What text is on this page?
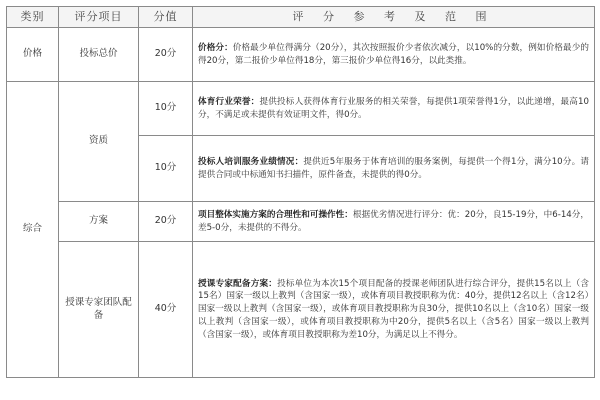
类别	评分项目	分值	评 分 参 考 及 范 围
价格	投标总价	20分	价格分：价格最少单位得满分（20分），其次按照报价少者依次减分，以10%的分数，例如价格最少的得20分，第二报价少单位得18分，第三报价少单位得16分，以此类推。
综合	资质	10分	体育行业荣誉：提供投标人获得体育行业服务的相关荣誉，每提供1项荣誉得1分，以此递增，最高10分，不满足或未提供有效证明文件，得0分。
		10分	投标人培训服务业绩情况：提供近5年服务于体育培训的服务案例，每提供一个得1分，满分10分。请提供合同或中标通知书扫描件，原件备查，未提供的得0分。
	方案	20分	项目整体实施方案的合理性和可操作性：根据优劣情况进行评分：优：20分，良15-19分，中6-14分，差5-0分，未提供的不得分。
	授课专家团队配备	40分	授课专家配备方案：投标单位为本次15个项目配备的授课老师团队进行综合评分，提供15名以上（含15名）国家一级以上教判（含国家一级），或体育项目教授职称为优：40分，提供12名以上（含12名）国家一级以上教判（含国家一级），或体育项目教授职称为良30分，提供10名以上（含10名）国家一级以上教判（含国家一级），或体育项目教授职称为中20分，提供5名以上（含5名）国家一级以上教判（含国家一级），或体育项目教授职称为差10分，为满足以上不得分。
